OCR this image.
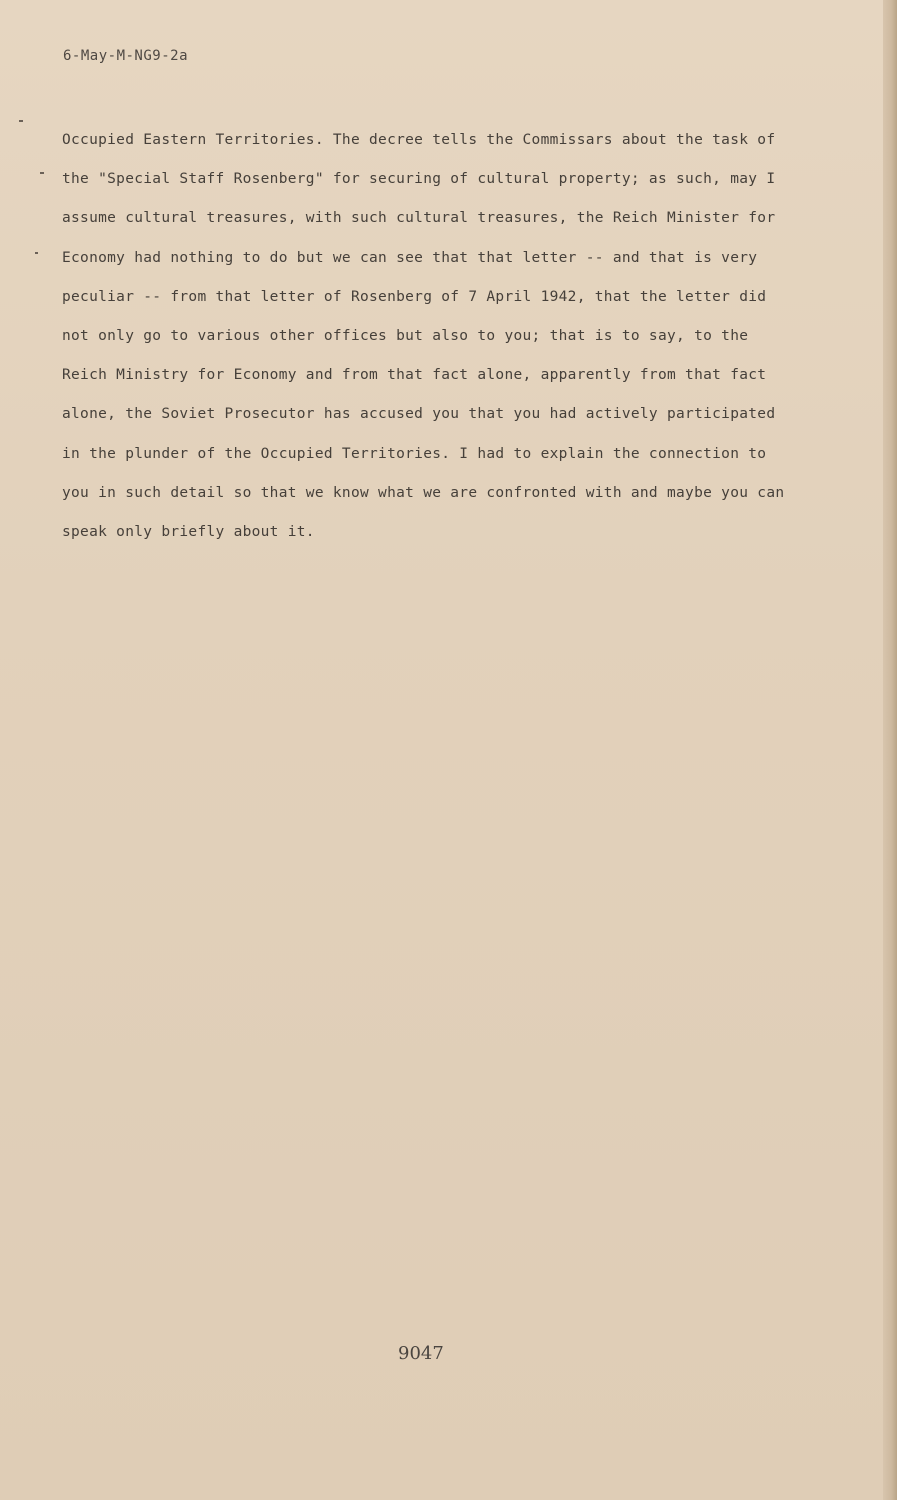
6-May-M-NG9-2a
Occupied Eastern Territories. The decree tells the Commissars about the task of
the "Special Staff Rosenberg" for securing of cultural property; as such, may I
assume cultural treasures, with such cultural treasures, the Reich Minister for
Economy had nothing to do but we can see that that letter -- and that is very
peculiar -- from that letter of Rosenberg of 7 April 1942, that the letter did
not only go to various other offices but also to you; that is to say, to the
Reich Ministry for Economy and from that fact alone, apparently from that fact
alone, the Soviet Prosecutor has accused you that you had actively participated
in the plunder of the Occupied Territories. I had to explain the connection to
you in such detail so that we know what we are confronted with and maybe you can
speak only briefly about it.
9047
